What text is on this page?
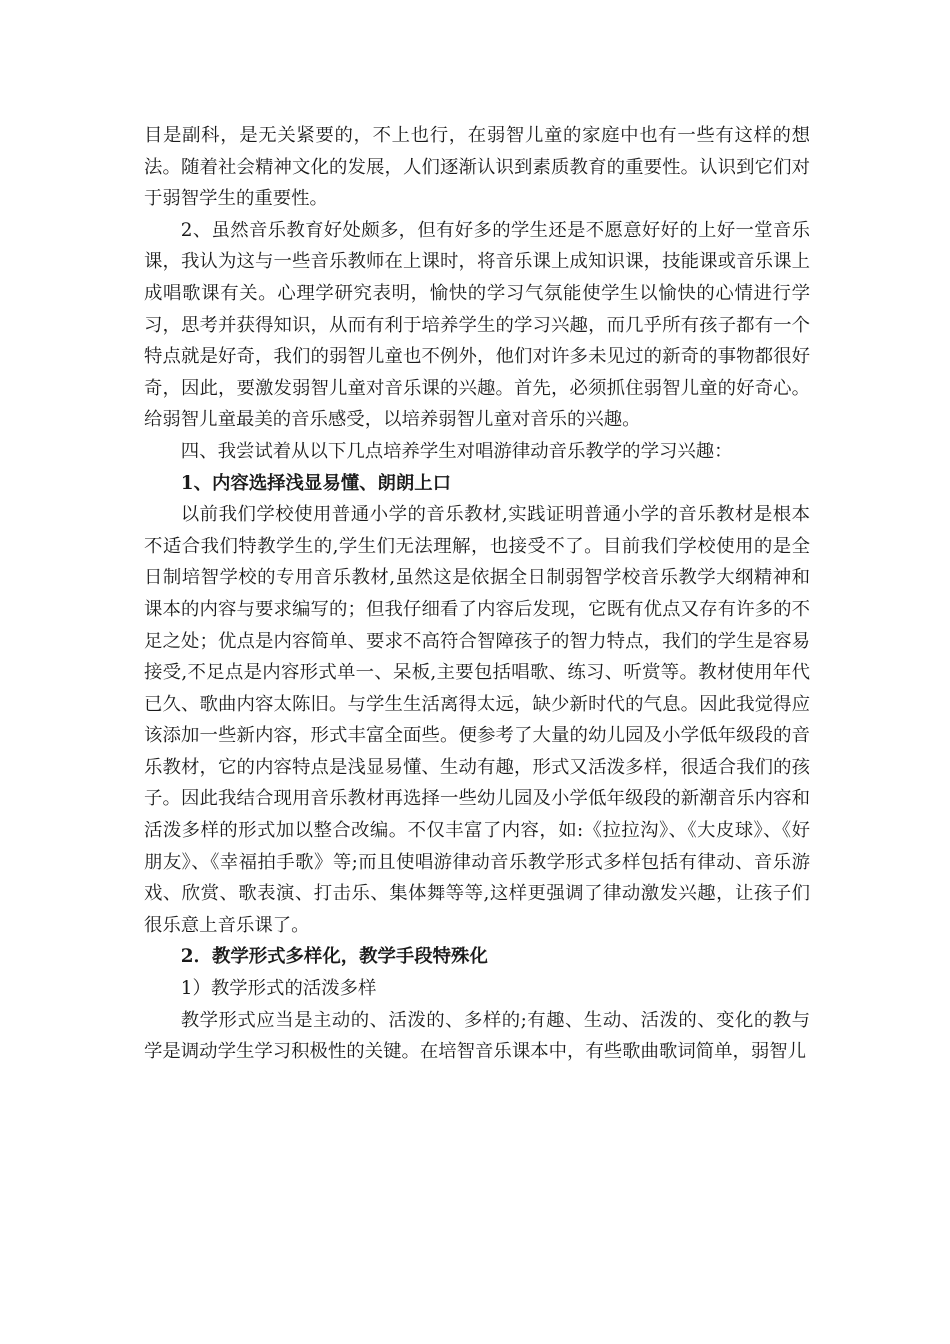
目是副科，是无关紧要的，不上也行，在弱智儿童的家庭中也有一些有这样的想法。随着社会精神文化的发展，人们逐渐认识到素质教育的重要性。认识到它们对于弱智学生的重要性。

2、虽然音乐教育好处颇多，但有好多的学生还是不愿意好好的上好一堂音乐课，我认为这与一些音乐教师在上课时，将音乐课上成知识课，技能课或音乐课上成唱歌课有关。心理学研究表明，愉快的学习气氛能使学生以愉快的心情进行学习，思考并获得知识，从而有利于培养学生的学习兴趣，而几乎所有孩子都有一个特点就是好奇，我们的弱智儿童也不例外，他们对许多未见过的新奇的事物都很好奇，因此，要激发弱智儿童对音乐课的兴趣。首先，必须抓住弱智儿童的好奇心。给弱智儿童最美的音乐感受，以培养弱智儿童对音乐的兴趣。

四、我尝试着从以下几点培养学生对唱游律动音乐教学的学习兴趣：

1、内容选择浅显易懂、朗朗上口

以前我们学校使用普通小学的音乐教材,实践证明普通小学的音乐教材是根本不适合我们特教学生的,学生们无法理解，也接受不了。目前我们学校使用的是全日制培智学校的专用音乐教材,虽然这是依据全日制弱智学校音乐教学大纲精神和课本的内容与要求编写的；但我仔细看了内容后发现，它既有优点又存有许多的不足之处；优点是内容简单、要求不高符合智障孩子的智力特点，我们的学生是容易接受,不足点是内容形式单一、呆板,主要包括唱歌、练习、听赏等。教材使用年代已久、歌曲内容太陈旧。与学生生活离得太远，缺少新时代的气息。因此我觉得应该添加一些新内容，形式丰富全面些。便参考了大量的幼儿园及小学低年级段的音乐教材，它的内容特点是浅显易懂、生动有趣，形式又活泼多样，很适合我们的孩子。因此我结合现用音乐教材再选择一些幼儿园及小学低年级段的新潮音乐内容和活泼多样的形式加以整合改编。不仅丰富了内容，如:《拉拉沟》、《大皮球》、《好朋友》、《幸福拍手歌》等;而且使唱游律动音乐教学形式多样包括有律动、音乐游戏、欣赏、歌表演、打击乐、集体舞等等,这样更强调了律动激发兴趣，让孩子们很乐意上音乐课了。

2．教学形式多样化，教学手段特殊化

1）教学形式的活泼多样

教学形式应当是主动的、活泼的、多样的;有趣、生动、活泼的、变化的教与学是调动学生学习积极性的关键。在培智音乐课本中，有些歌曲歌词简单，弱智儿
